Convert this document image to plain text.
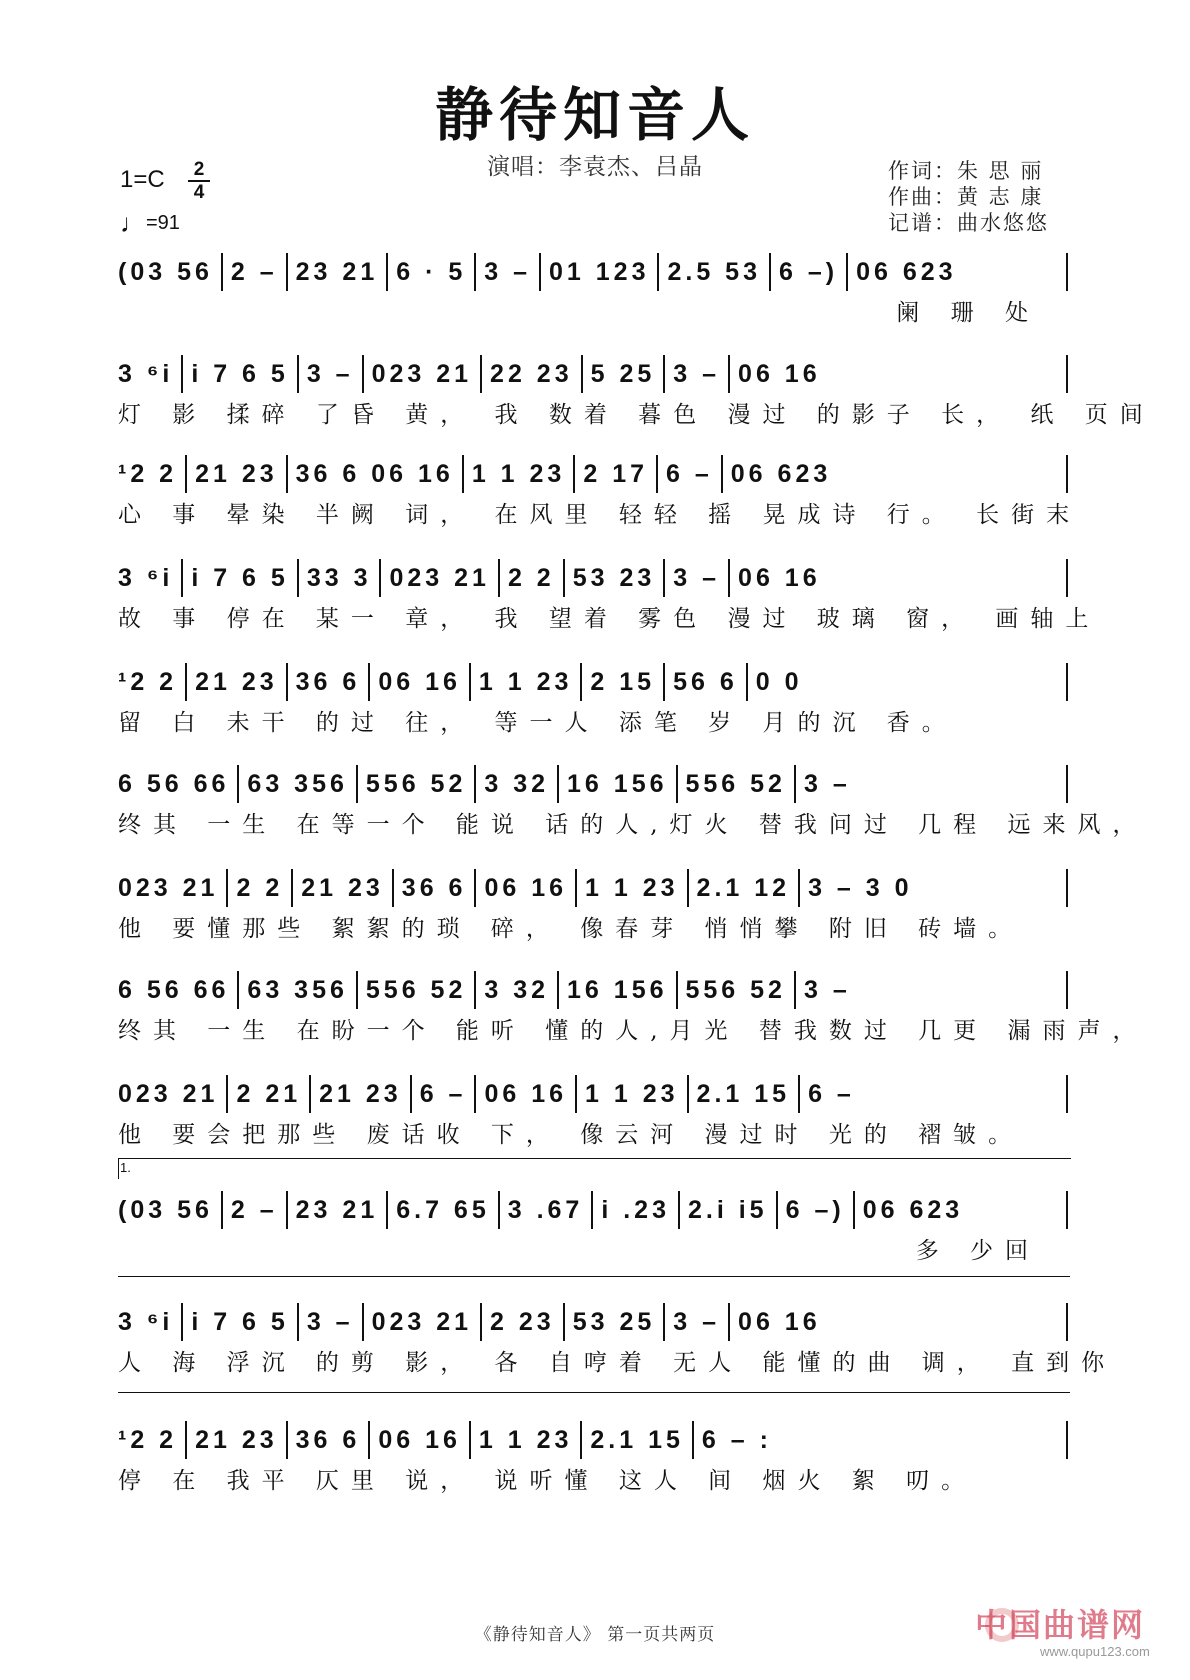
静待知音人
演唱：李袁杰、吕晶
1=C	2
4
♩=91
作词：朱 思 丽
作曲：黄 志 康
记谱：曲水悠悠
(03 56 2 – 23 21 6 · 5 3 – 01 123 2.5 53 6 –) 06 623
阑 珊 处
3 ⁶i i 7 6 5 3 – 023 21 22 23 5 25 3 – 06 16
灯 影 揉碎 了昏 黄， 我 数着 暮色 漫过 的影子 长， 纸 页间
¹2 2 21 23 36 6 06 16 1 1 23 2 17 6 – 06 623
心 事 晕染 半阙 词， 在风里 轻轻 摇 晃成诗 行。 长街末
3 ⁶i i 7 6 5 33 3 023 21 2 2 53 23 3 – 06 16
故 事 停在 某一 章， 我 望着 雾色 漫过 玻璃 窗， 画轴上
¹2 2 21 23 36 6 06 16 1 1 23 2 15 56 6 0 0
留 白 未干 的过 往， 等一人 添笔 岁 月的沉 香。
6 56 66 63 356 556 52 3 32 16 156 556 52 3 –
终其 一生 在等一个 能说 话的人,灯火 替我问过 几程 远来风，
023 21 2 2 21 23 36 6 06 16 1 1 23 2.1 12 3 – 3 0
他 要懂那些 絮絮的琐 碎， 像春芽 悄悄攀 附旧 砖墙。
6 56 66 63 356 556 52 3 32 16 156 556 52 3 –
终其 一生 在盼一个 能听 懂的人,月光 替我数过 几更 漏雨声，
023 21 2 21 21 23 6 – 06 16 1 1 23 2.1 15 6 –
他 要会把那些 废话收 下， 像云河 漫过时 光的 褶皱。
(03 56 2 – 23 21 6.7 65 3 .67 i .23 2.i i5 6 –) 06 623
多 少回
3 ⁶i i 7 6 5 3 – 023 21 2 23 53 25 3 – 06 16
人 海 浮沉 的剪 影， 各 自哼着 无人 能懂的曲 调， 直到你
¹2 2 21 23 36 6 06 16 1 1 23 2.1 15 6 – :
停 在 我平 仄里 说， 说听懂 这人 间 烟火 絮 叨。
1.
《静待知音人》 第一页共两页	中国曲谱网
www.qupu123.com
